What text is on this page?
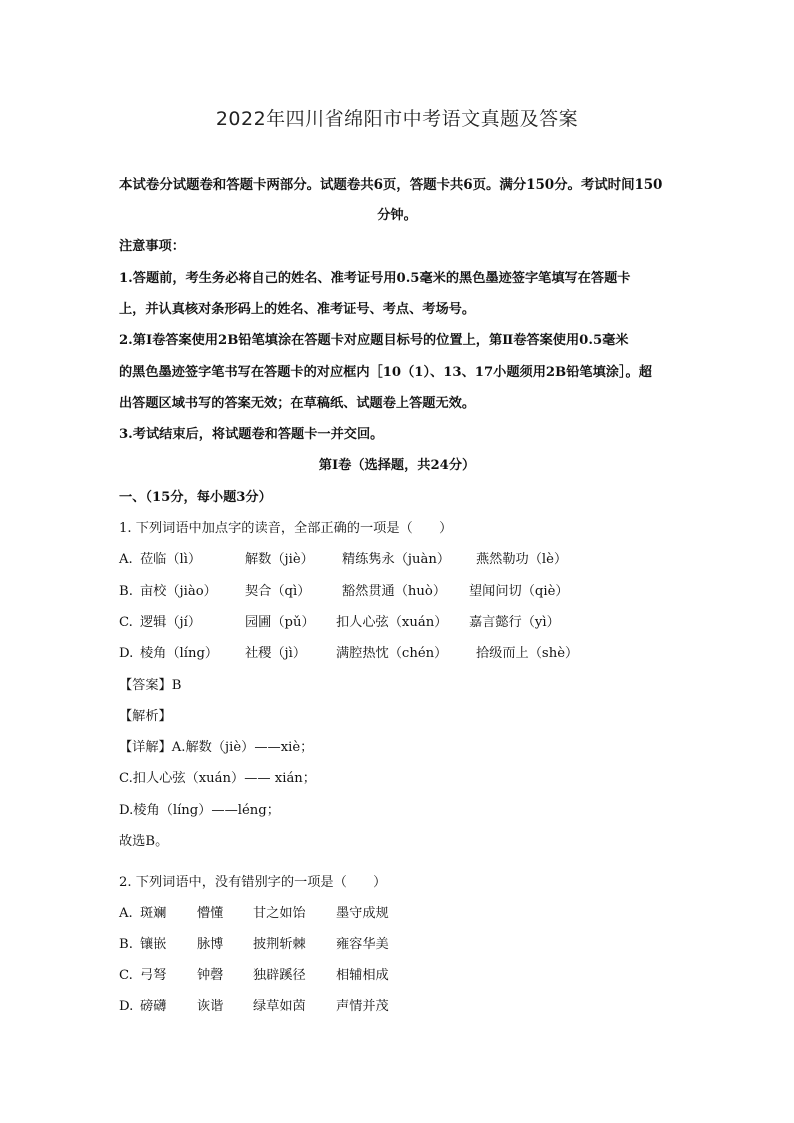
2022年四川省绵阳市中考语文真题及答案
本试卷分试题卷和答题卡两部分。试题卷共6页，答题卡共6页。满分150分。考试时间150
分钟。
注意事项：
1.答题前，考生务必将自己的姓名、准考证号用0.5毫米的黑色墨迹签字笔填写在答题卡
上，并认真核对条形码上的姓名、准考证号、考点、考场号。
2.第Ⅰ卷答案使用2B铅笔填涂在答题卡对应题目标号的位置上，第Ⅱ卷答案使用0.5毫米
的黑色墨迹签字笔书写在答题卡的对应框内［10（1）、13、17小题须用2B铅笔填涂］。超
出答题区域书写的答案无效；在草稿纸、试题卷上答题无效。
3.考试结束后，将试题卷和答题卡一并交回。
第Ⅰ卷（选择题，共24分）
一、（15分，每小题3分）
1. 下列词语中加点字的读音，全部正确的一项是（　　）
A. 莅临（lì）	解数（jiè） 精练隽永（juàn） 燕然勒功（lè）
B. 亩校（jiào） 契合（qì） 豁然贯通（huò） 望闻问切（qiè）
C. 逻辑（jí）	园圃（pǔ） 扣人心弦（xuán） 嘉言懿行（yì）
D. 棱角（líng） 社稷（jì） 满腔热忱（chén） 拾级而上（shè）
【答案】B
【解析】
【详解】A.解数（jiè）——xiè；
C.扣人心弦（xuán）—— xián；
D.棱角（líng）——léng；
故选B。
2. 下列词语中，没有错别字的一项是（　　）
A. 斑斓 懵懂 甘之如饴 墨守成规
B. 镶嵌 脉博 披荆斩棘 雍容华美
C. 弓弩 钟磬 独辟蹊径 相辅相成
D. 磅礴 诙谐 绿草如茵 声情并茂
